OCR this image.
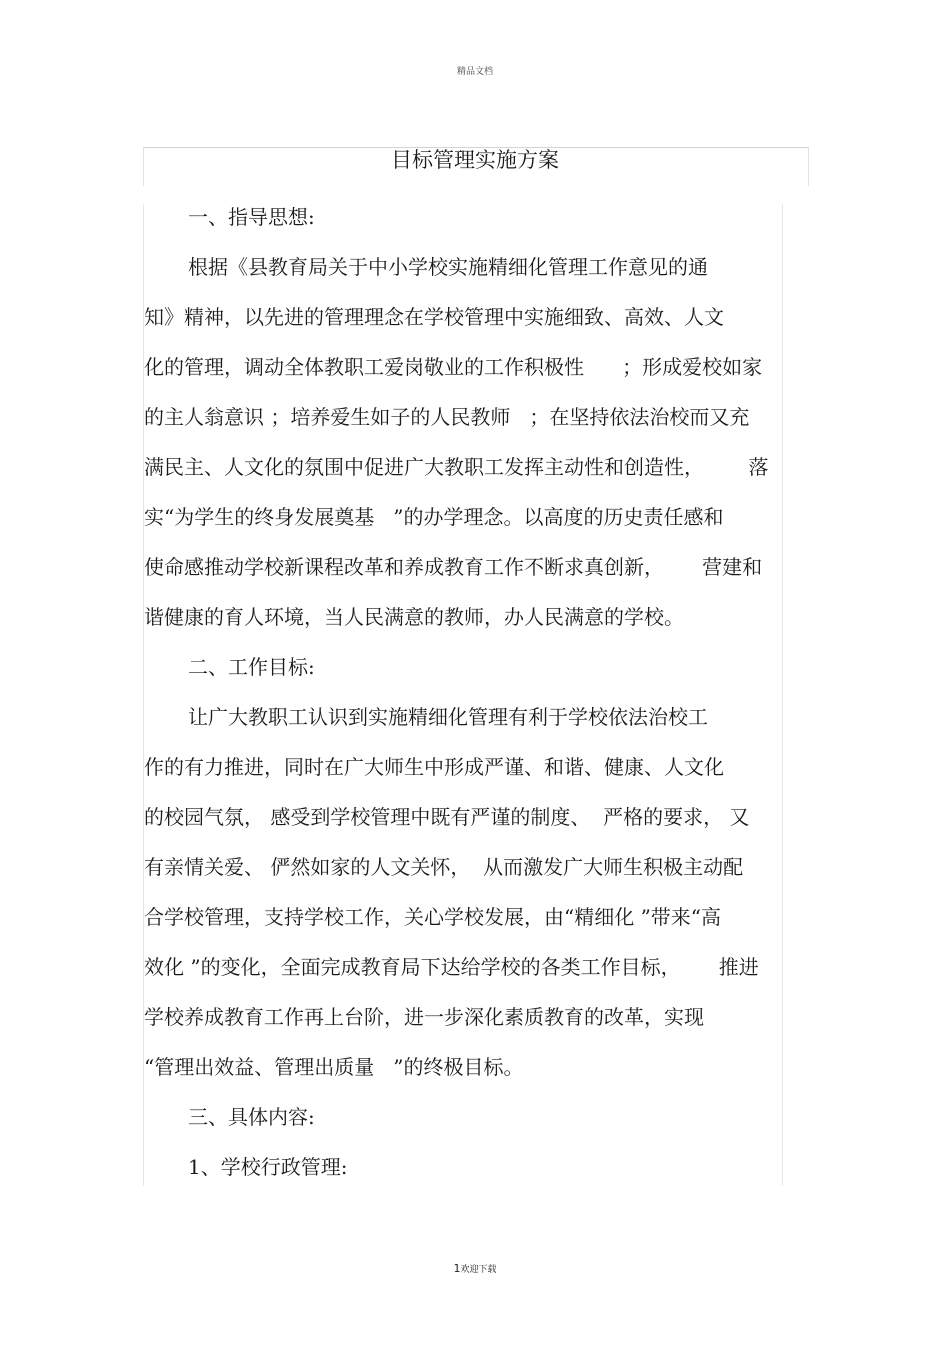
精品文档
目标管理实施方案
一、指导思想:
根据《县教育局关于中小学校实施精细化管理工作意见的通
知》精神，以先进的管理理念在学校管理中实施细致、高效、人文
化的管理，调动全体教职工爱岗敬业的工作积极性      ；形成爱校如家
的主人翁意识 ；培养爱生如子的人民教师   ；在坚持依法治校而又充
满民主、人文化的氛围中促进广大教职工发挥主动性和创造性，       落
实“为学生的终身发展奠基   ”的办学理念。以高度的历史责任感和
使命感推动学校新课程改革和养成教育工作不断求真创新，      营建和
谐健康的育人环境，当人民满意的教师，办人民满意的学校。
二、工作目标:
让广大教职工认识到实施精细化管理有利于学校依法治校工
作的有力推进，同时在广大师生中形成严谨、和谐、健康、人文化
的校园气氛， 感受到学校管理中既有严谨的制度、  严格的要求， 又
有亲情关爱、 俨然如家的人文关怀，  从而激发广大师生积极主动配
合学校管理，支持学校工作，关心学校发展，由“精细化 ”带来“高
效化 ”的变化，全面完成教育局下达给学校的各类工作目标，      推进
学校养成教育工作再上台阶，进一步深化素质教育的改革，实现
“管理出效益、管理出质量   ”的终极目标。
三、具体内容:
1、学校行政管理:
1欢迎下载
